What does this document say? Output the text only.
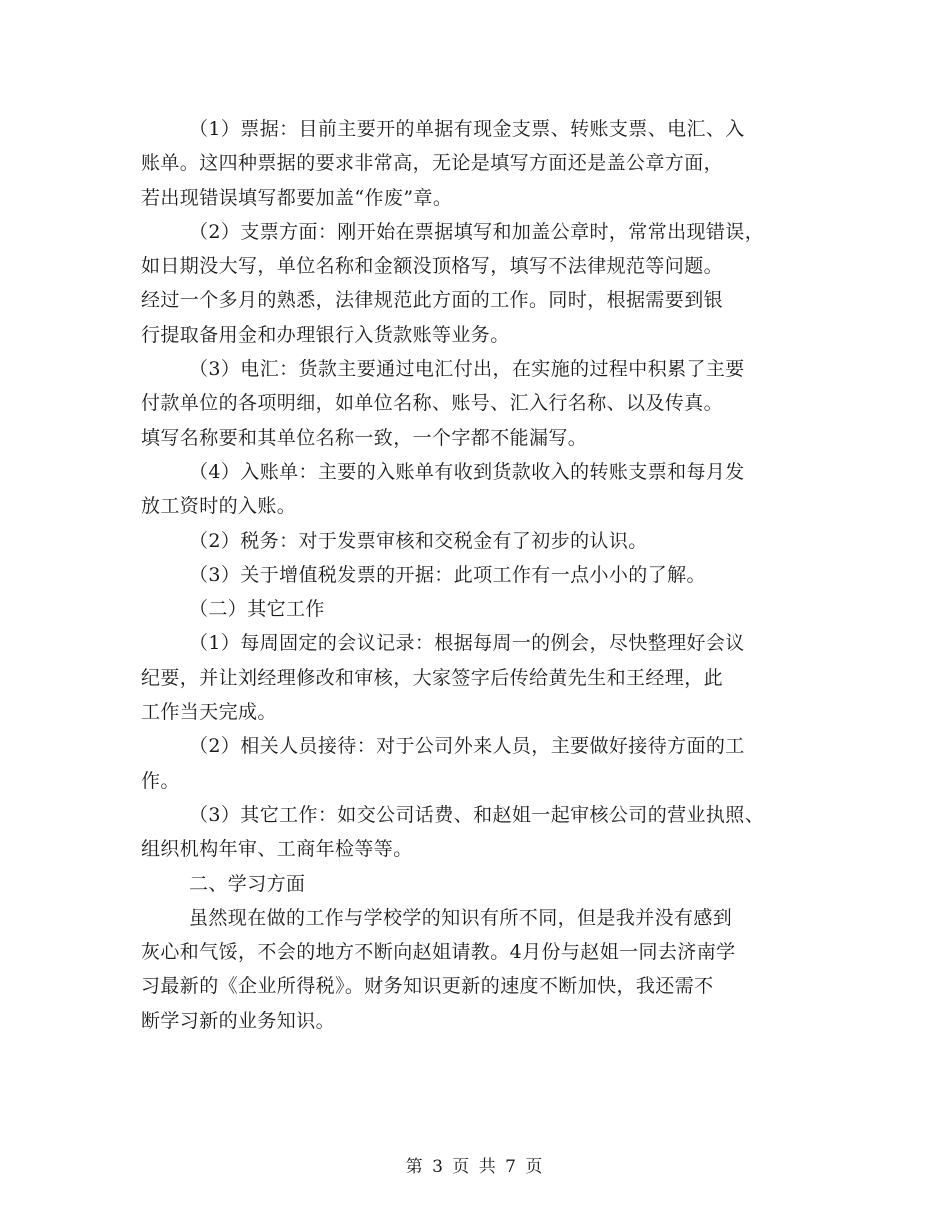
（1）票据：目前主要开的单据有现金支票、转账支票、电汇、入
账单。这四种票据的要求非常高，无论是填写方面还是盖公章方面，
若出现错误填写都要加盖“作废”章。
（2）支票方面：刚开始在票据填写和加盖公章时，常常出现错误，
如日期没大写，单位名称和金额没顶格写，填写不法律规范等问题。
经过一个多月的熟悉，法律规范此方面的工作。同时，根据需要到银
行提取备用金和办理银行入货款账等业务。
（3）电汇：货款主要通过电汇付出，在实施的过程中积累了主要
付款单位的各项明细，如单位名称、账号、汇入行名称、以及传真。
填写名称要和其单位名称一致，一个字都不能漏写。
（4）入账单：主要的入账单有收到货款收入的转账支票和每月发
放工资时的入账。
（2）税务：对于发票审核和交税金有了初步的认识。
（3）关于增值税发票的开据：此项工作有一点小小的了解。
（二）其它工作
（1）每周固定的会议记录：根据每周一的例会，尽快整理好会议
纪要，并让刘经理修改和审核，大家签字后传给黄先生和王经理，此
工作当天完成。
（2）相关人员接待：对于公司外来人员，主要做好接待方面的工
作。
（3）其它工作：如交公司话费、和赵姐一起审核公司的营业执照、
组织机构年审、工商年检等等。
二、学习方面
虽然现在做的工作与学校学的知识有所不同，但是我并没有感到
灰心和气馁，不会的地方不断向赵姐请教。4月份与赵姐一同去济南学
习最新的《企业所得税》。财务知识更新的速度不断加快，我还需不
断学习新的业务知识。
第 3 页 共 7 页
